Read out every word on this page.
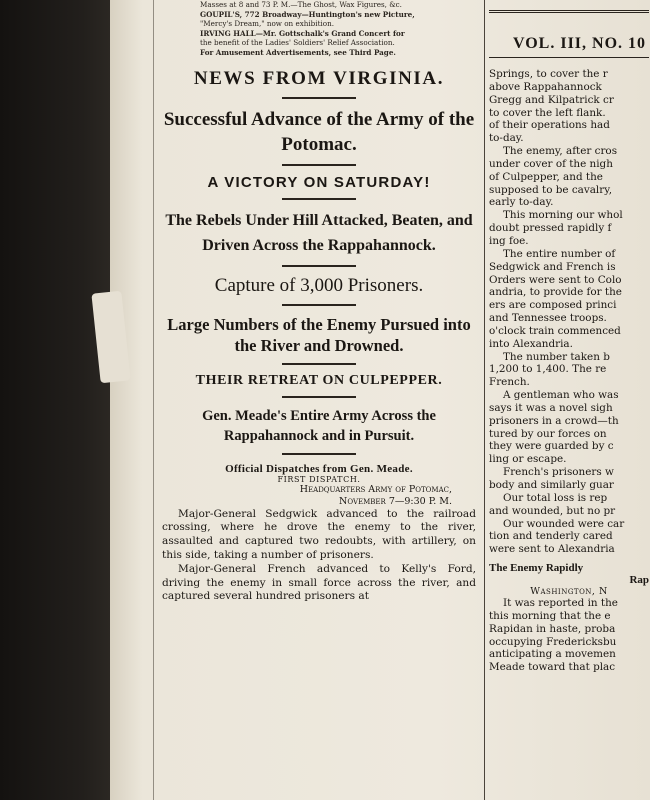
Masses at 8 and 73 P. M.—The Ghost, Wax Figures, &c.
GOUPIL'S, 772 Broadway—Huntington's new Picture,
"Mercy's Dream," now on exhibition.
IRVING HALL—Mr. Gottschalk's Grand Concert for
the benefit of the Ladies' Soldiers' Relief Association.
For Amusement Advertisements, see Third Page.
NEWS FROM VIRGINIA.
Successful Advance of the Army of the Potomac.
A VICTORY ON SATURDAY!
The Rebels Under Hill Attacked, Beaten, and Driven Across the Rappahannock.
Capture of 3,000 Prisoners.
Large Numbers of the Enemy Pursued into the River and Drowned.
THEIR RETREAT ON CULPEPPER.
Gen. Meade's Entire Army Across the Rappahannock and in Pursuit.
Official Dispatches from Gen. Meade.
FIRST DISPATCH.
Headquarters Army of Potomac,
November 7—9:30 P. M.

Major-General Sedgwick advanced to the railroad crossing, where he drove the enemy to the river, assaulted and captured two redoubts, with artillery, on this side, taking a number of prisoners.

Major-General French advanced to Kelly's Ford, driving the enemy in small force across the river, and captured several hundred prisoners at

VOL. III, NO. 10
Springs, to cover the r
above Rappahannock
Gregg and Kilpatrick cr
to cover the left flank.
of their operations had
to-day.
The enemy, after cros
under cover of the nigh
of Culpepper, and the
supposed to be cavalry,
early to-day.
This morning our whol
doubt pressed rapidly f
ing foe.
The entire number of
Sedgwick and French is
Orders were sent to Colo
andria, to provide for the
ers are composed princi
and Tennessee troops.
o'clock train commenced
into Alexandria.
The number taken b
1,200 to 1,400. The re
French.
A gentleman who was
says it was a novel sigh
prisoners in a crowd—th
tured by our forces on
they were guarded by c
ling or escape.
French's prisoners w
body and similarly guar
Our total loss is rep
and wounded, but no pr
Our wounded were car
tion and tenderly cared
were sent to Alexandria
The Enemy Rapidly
Rap
Washington, N
It was reported in the
this morning that the e
Rapidan in haste, proba
occupying Fredericksbu
anticipating a movemen
Meade toward that plac
